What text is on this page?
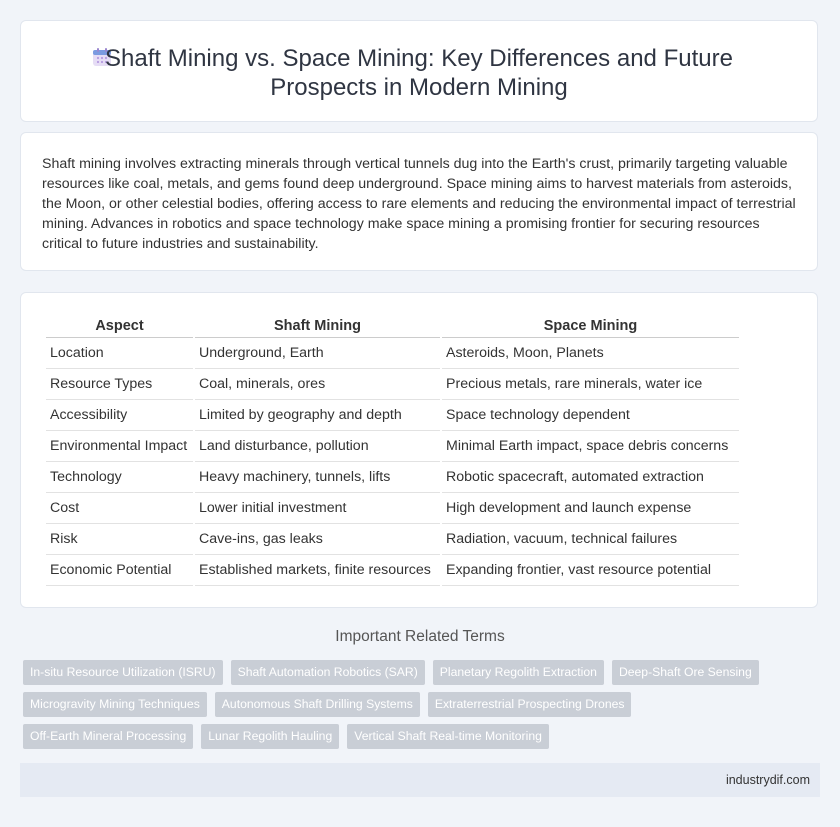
Shaft Mining vs. Space Mining: Key Differences and Future Prospects in Modern Mining

Shaft mining involves extracting minerals through vertical tunnels dug into the Earth's crust, primarily targeting valuable resources like coal, metals, and gems found deep underground. Space mining aims to harvest materials from asteroids, the Moon, or other celestial bodies, offering access to rare elements and reducing the environmental impact of terrestrial mining. Advances in robotics and space technology make space mining a promising frontier for securing resources critical to future industries and sustainability.

Aspect	Shaft Mining	Space Mining
Location	Underground, Earth	Asteroids, Moon, Planets
Resource Types	Coal, minerals, ores	Precious metals, rare minerals, water ice
Accessibility	Limited by geography and depth	Space technology dependent
Environmental Impact	Land disturbance, pollution	Minimal Earth impact, space debris concerns
Technology	Heavy machinery, tunnels, lifts	Robotic spacecraft, automated extraction
Cost	Lower initial investment	High development and launch expense
Risk	Cave-ins, gas leaks	Radiation, vacuum, technical failures
Economic Potential	Established markets, finite resources	Expanding frontier, vast resource potential
Important Related Terms
In-situ Resource Utilization (ISRU)	Shaft Automation Robotics (SAR)	Planetary Regolith Extraction	Deep-Shaft Ore Sensing
Microgravity Mining Techniques	Autonomous Shaft Drilling Systems	Extraterrestrial Prospecting Drones
Off-Earth Mineral Processing	Lunar Regolith Hauling	Vertical Shaft Real-time Monitoring
industrydif.com
